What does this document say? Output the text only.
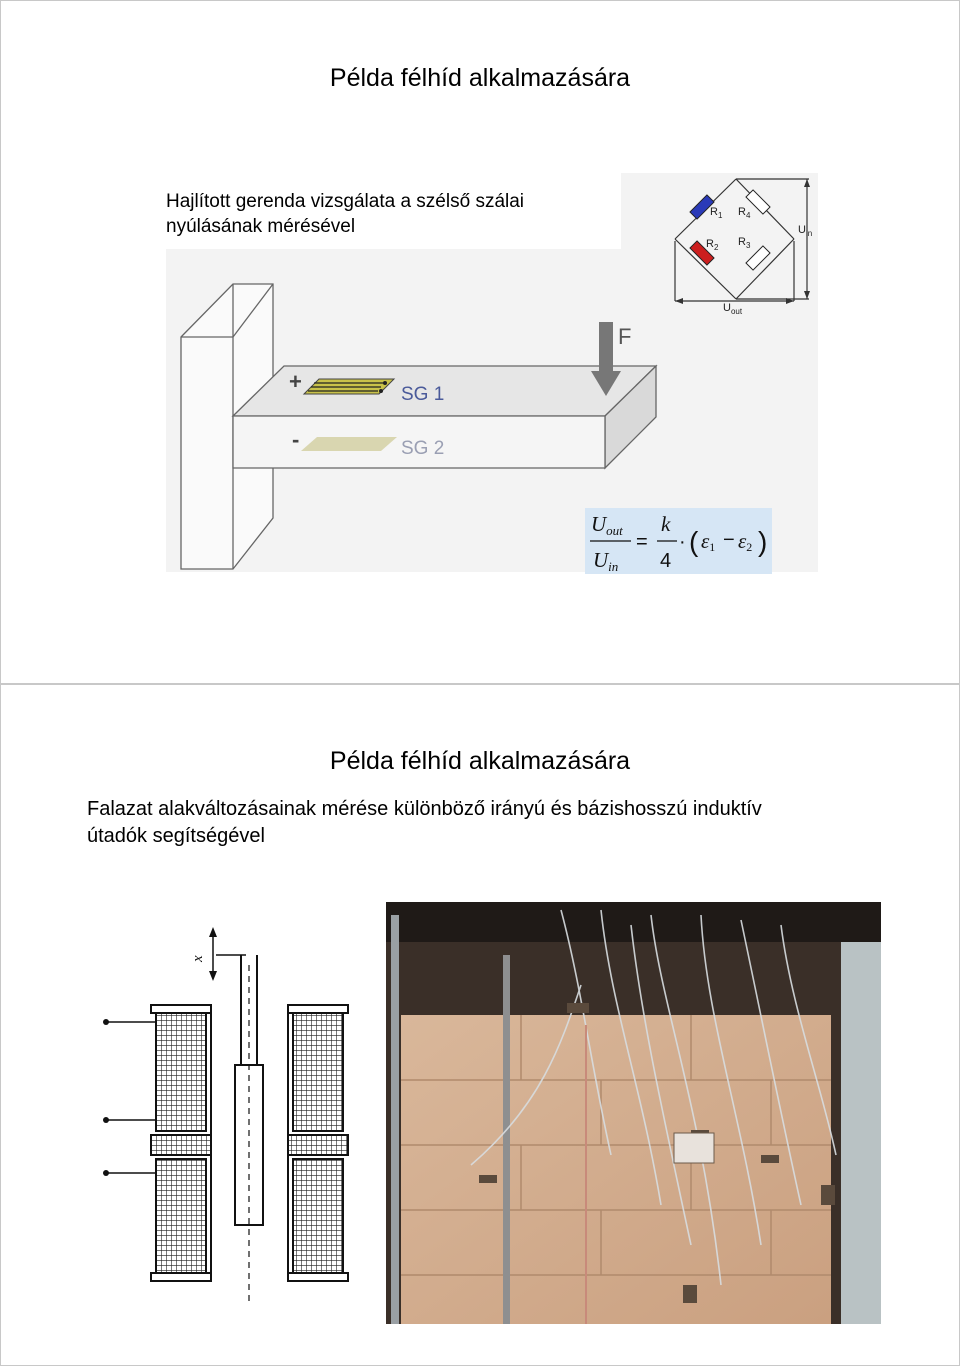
Példa félhíd alkalmazására
Hajlított gerenda vizsgálata a szélső szálai
nyúlásának mérésével
F
+
SG 1
-	SG 2
$R_1$
$R_2$
$R_4$
$R_3$
$U_{in}$
$U_{out}$
Uout
Uin
=
k
4
· ( ε1 − ε2 )
Példa félhíd alkalmazására
Falazat alakváltozásainak mérése különböző irányú és bázishosszú induktív
útadók segítségével
x
